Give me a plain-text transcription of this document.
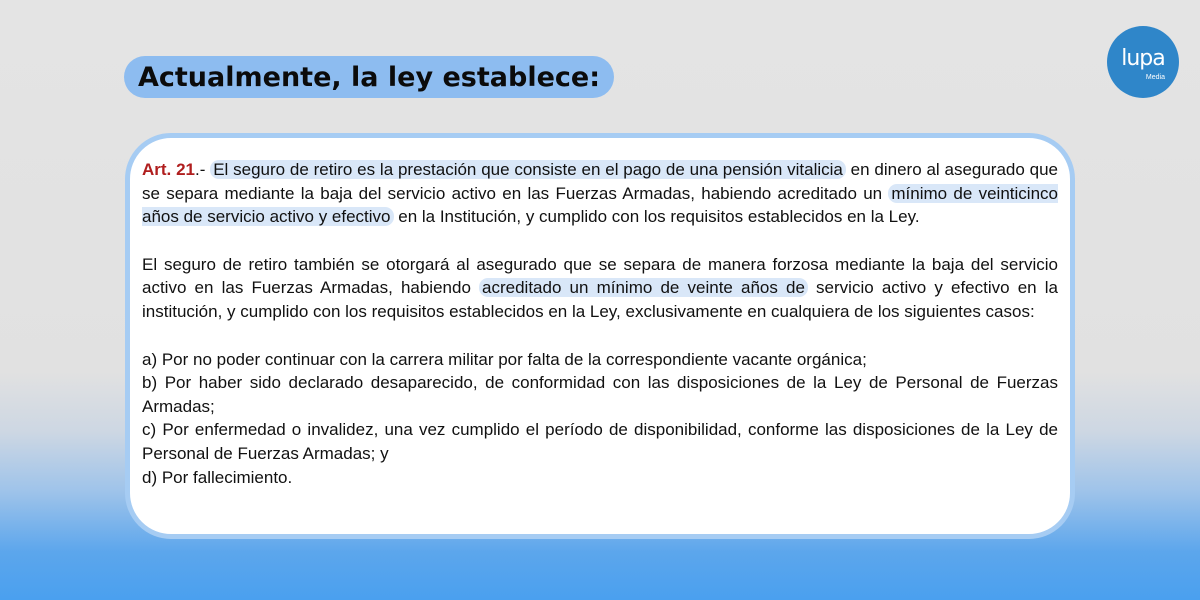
Actualmente, la ley establece:
lupa
Media

Art. 21.- El seguro de retiro es la prestación que consiste en el pago de una pensión vitalicia en dinero al asegurado que se separa mediante la baja del servicio activo en las Fuerzas Armadas, habiendo acreditado un mínimo de veinticinco años de servicio activo y efectivo en la Institución, y cumplido con los requisitos establecidos en la Ley.

El seguro de retiro también se otorgará al asegurado que se separa de manera forzosa mediante la baja del servicio activo en las Fuerzas Armadas, habiendo acreditado un mínimo de veinte años de servicio activo y efectivo en la institución, y cumplido con los requisitos establecidos en la Ley, exclusivamente en cualquiera de los siguientes casos:

a) Por no poder continuar con la carrera militar por falta de la correspondiente vacante orgánica;

b) Por haber sido declarado desaparecido, de conformidad con las disposiciones de la Ley de Personal de Fuerzas Armadas;

c) Por enfermedad o invalidez, una vez cumplido el período de disponibilidad, conforme las disposiciones de la Ley de Personal de Fuerzas Armadas; y

d) Por fallecimiento.
